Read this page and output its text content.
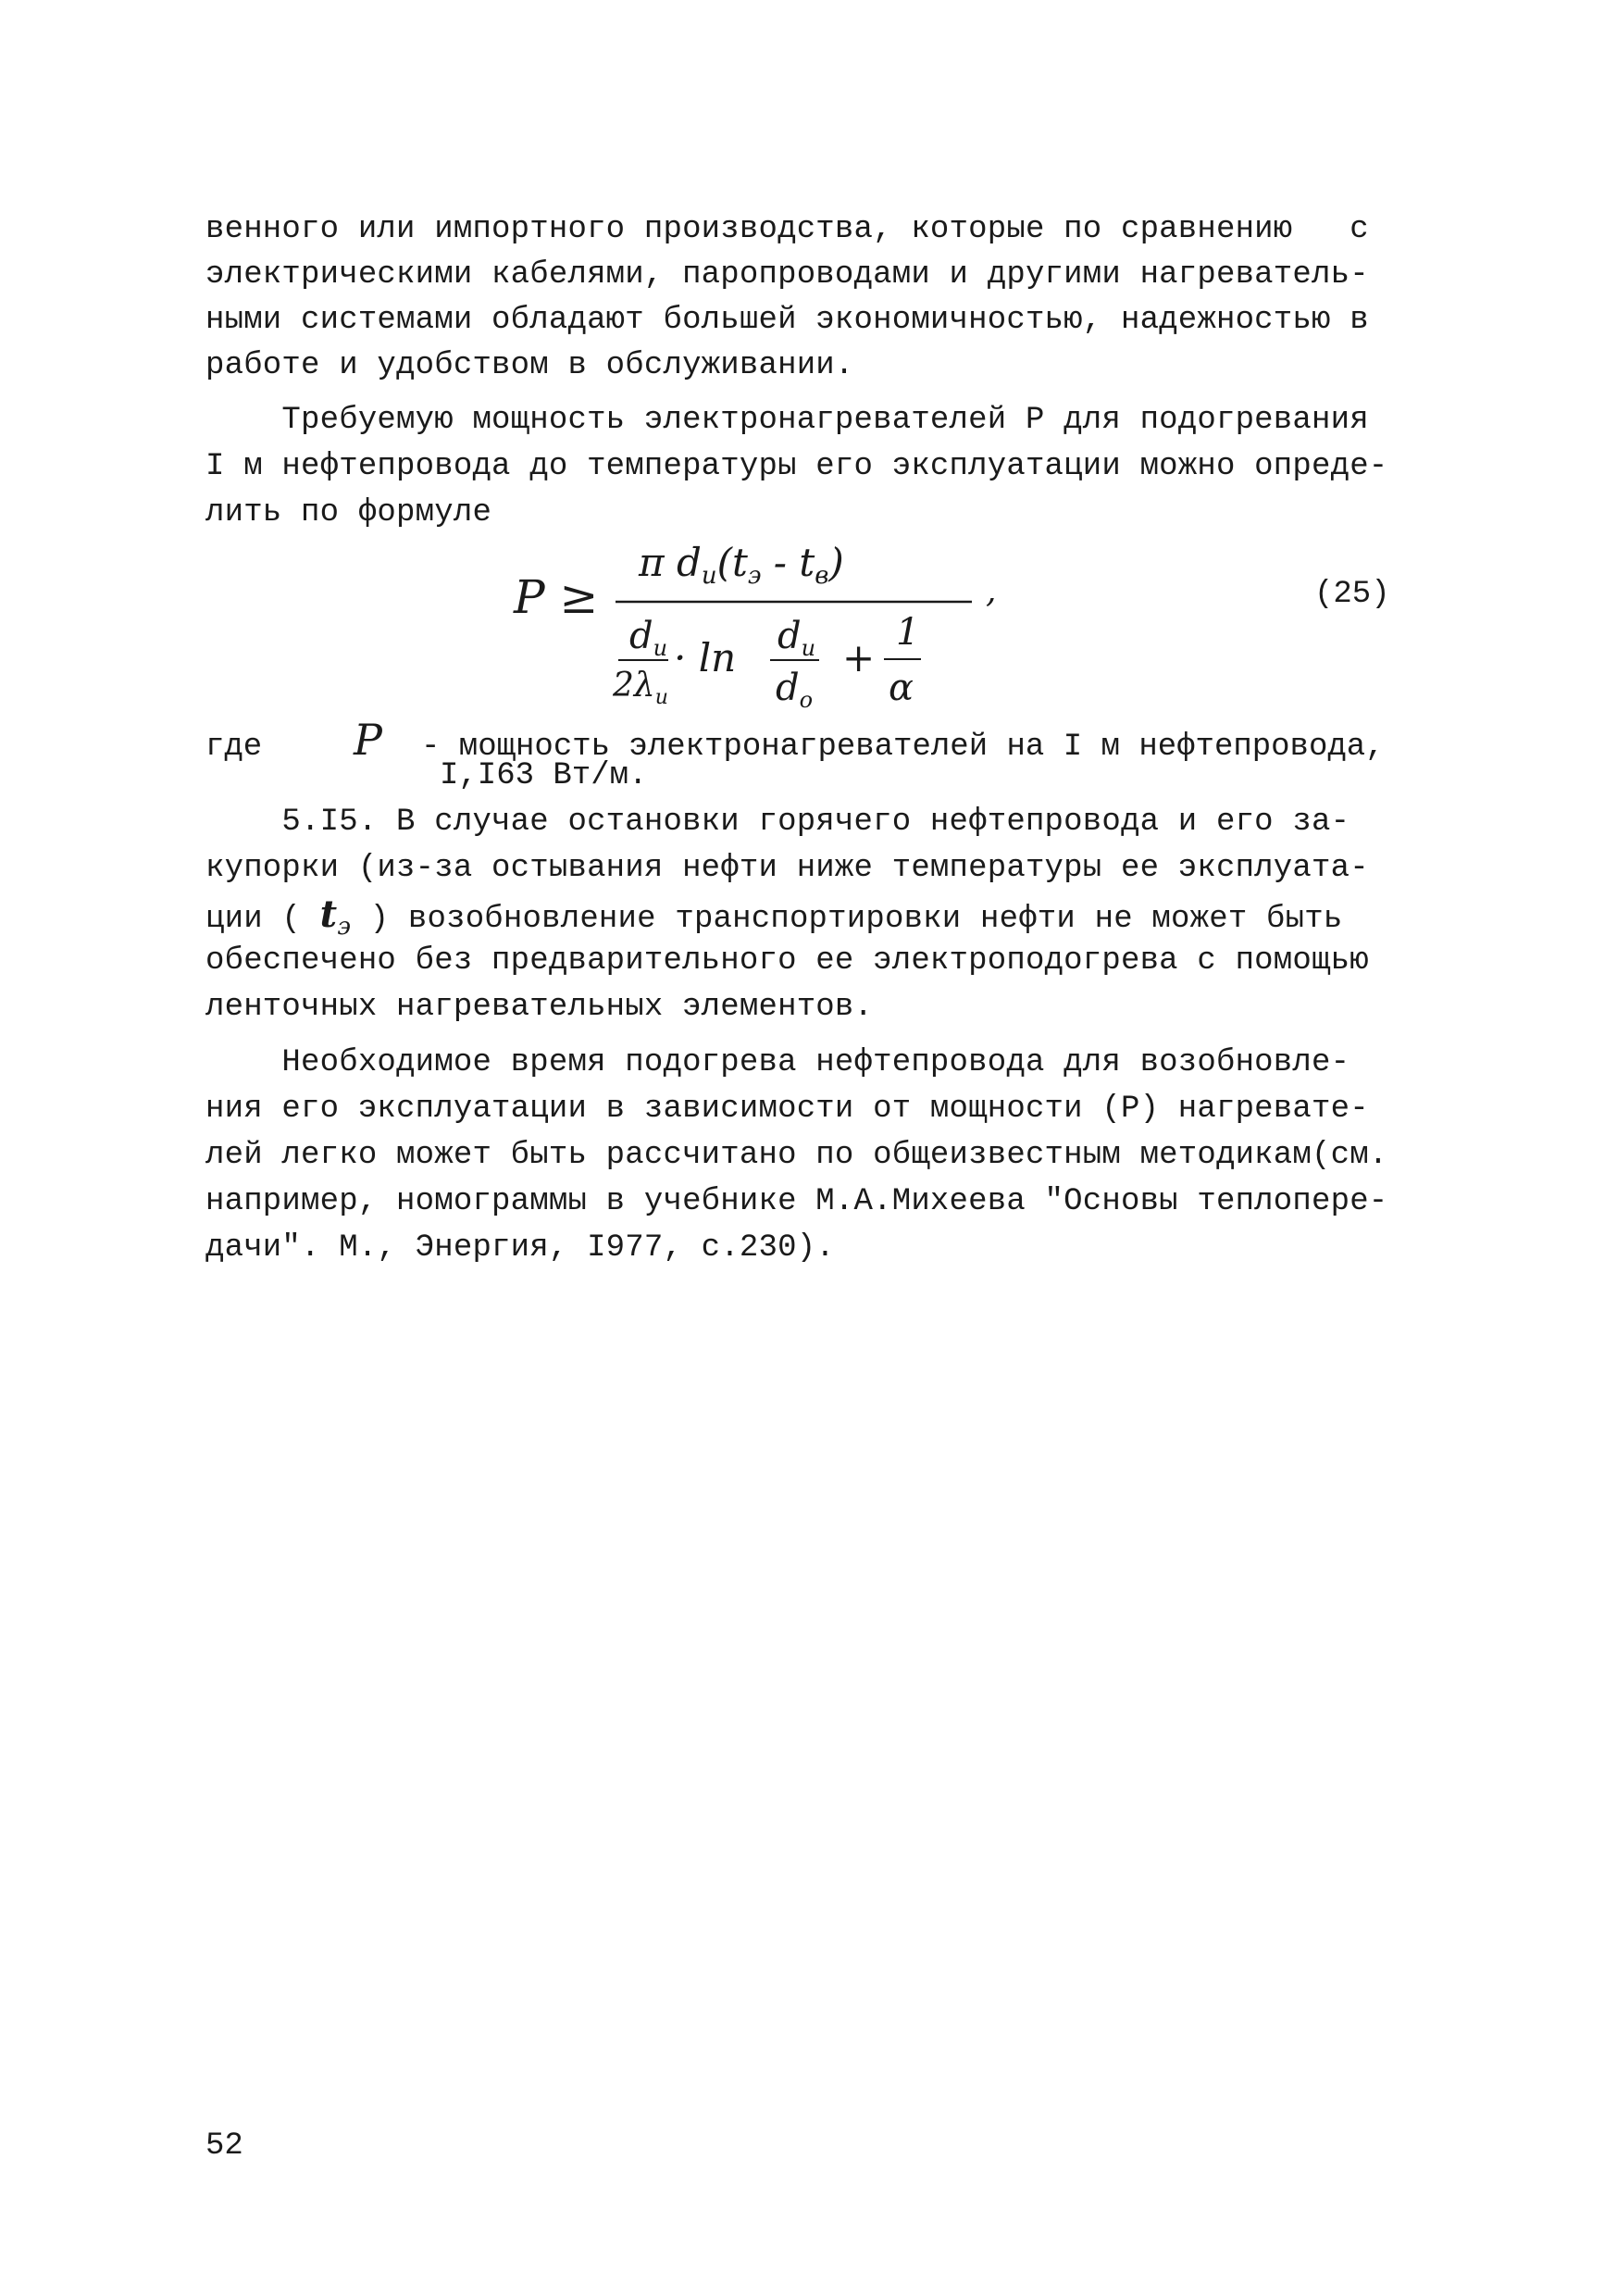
венного или импортного производства, которые по сравнению   с

электрическими кабелями, паропроводами и другими нагреватель-

ными системами обладают большей экономичностью, надежностью в

работе и удобством в обслуживании.

Требуемую мощность электронагревателей Р для подогревания

I м нефтепровода до температуры его эксплуатации можно опреде-

лить по формуле

P ≥
π dи(tэ - tв)
$d_и$
$2\lambda_и$
· $\ln d_и$
$d_o$
+
1
α
,	(25)
где P - мощность электронагревателей на I м нефтепровода,
I,I63 Вт/м.

5.I5. В случае остановки горячего нефтепровода и его за-

купорки (из-за остывания нефти ниже температуры ее эксплуата-

ции ( $t_э$ ) возобновление транспортировки нефти не может быть

обеспечено без предварительного ее электроподогрева с помощью

ленточных нагревательных элементов.

Необходимое время подогрева нефтепровода для возобновле-

ния его эксплуатации в зависимости от мощности (Р) нагревате-

лей легко может быть рассчитано по общеизвестным методикам(см.

например, номограммы в учебнике М.А.Михеева "Основы теплопере-

дачи". М., Энергия, I977, с.230).

52
